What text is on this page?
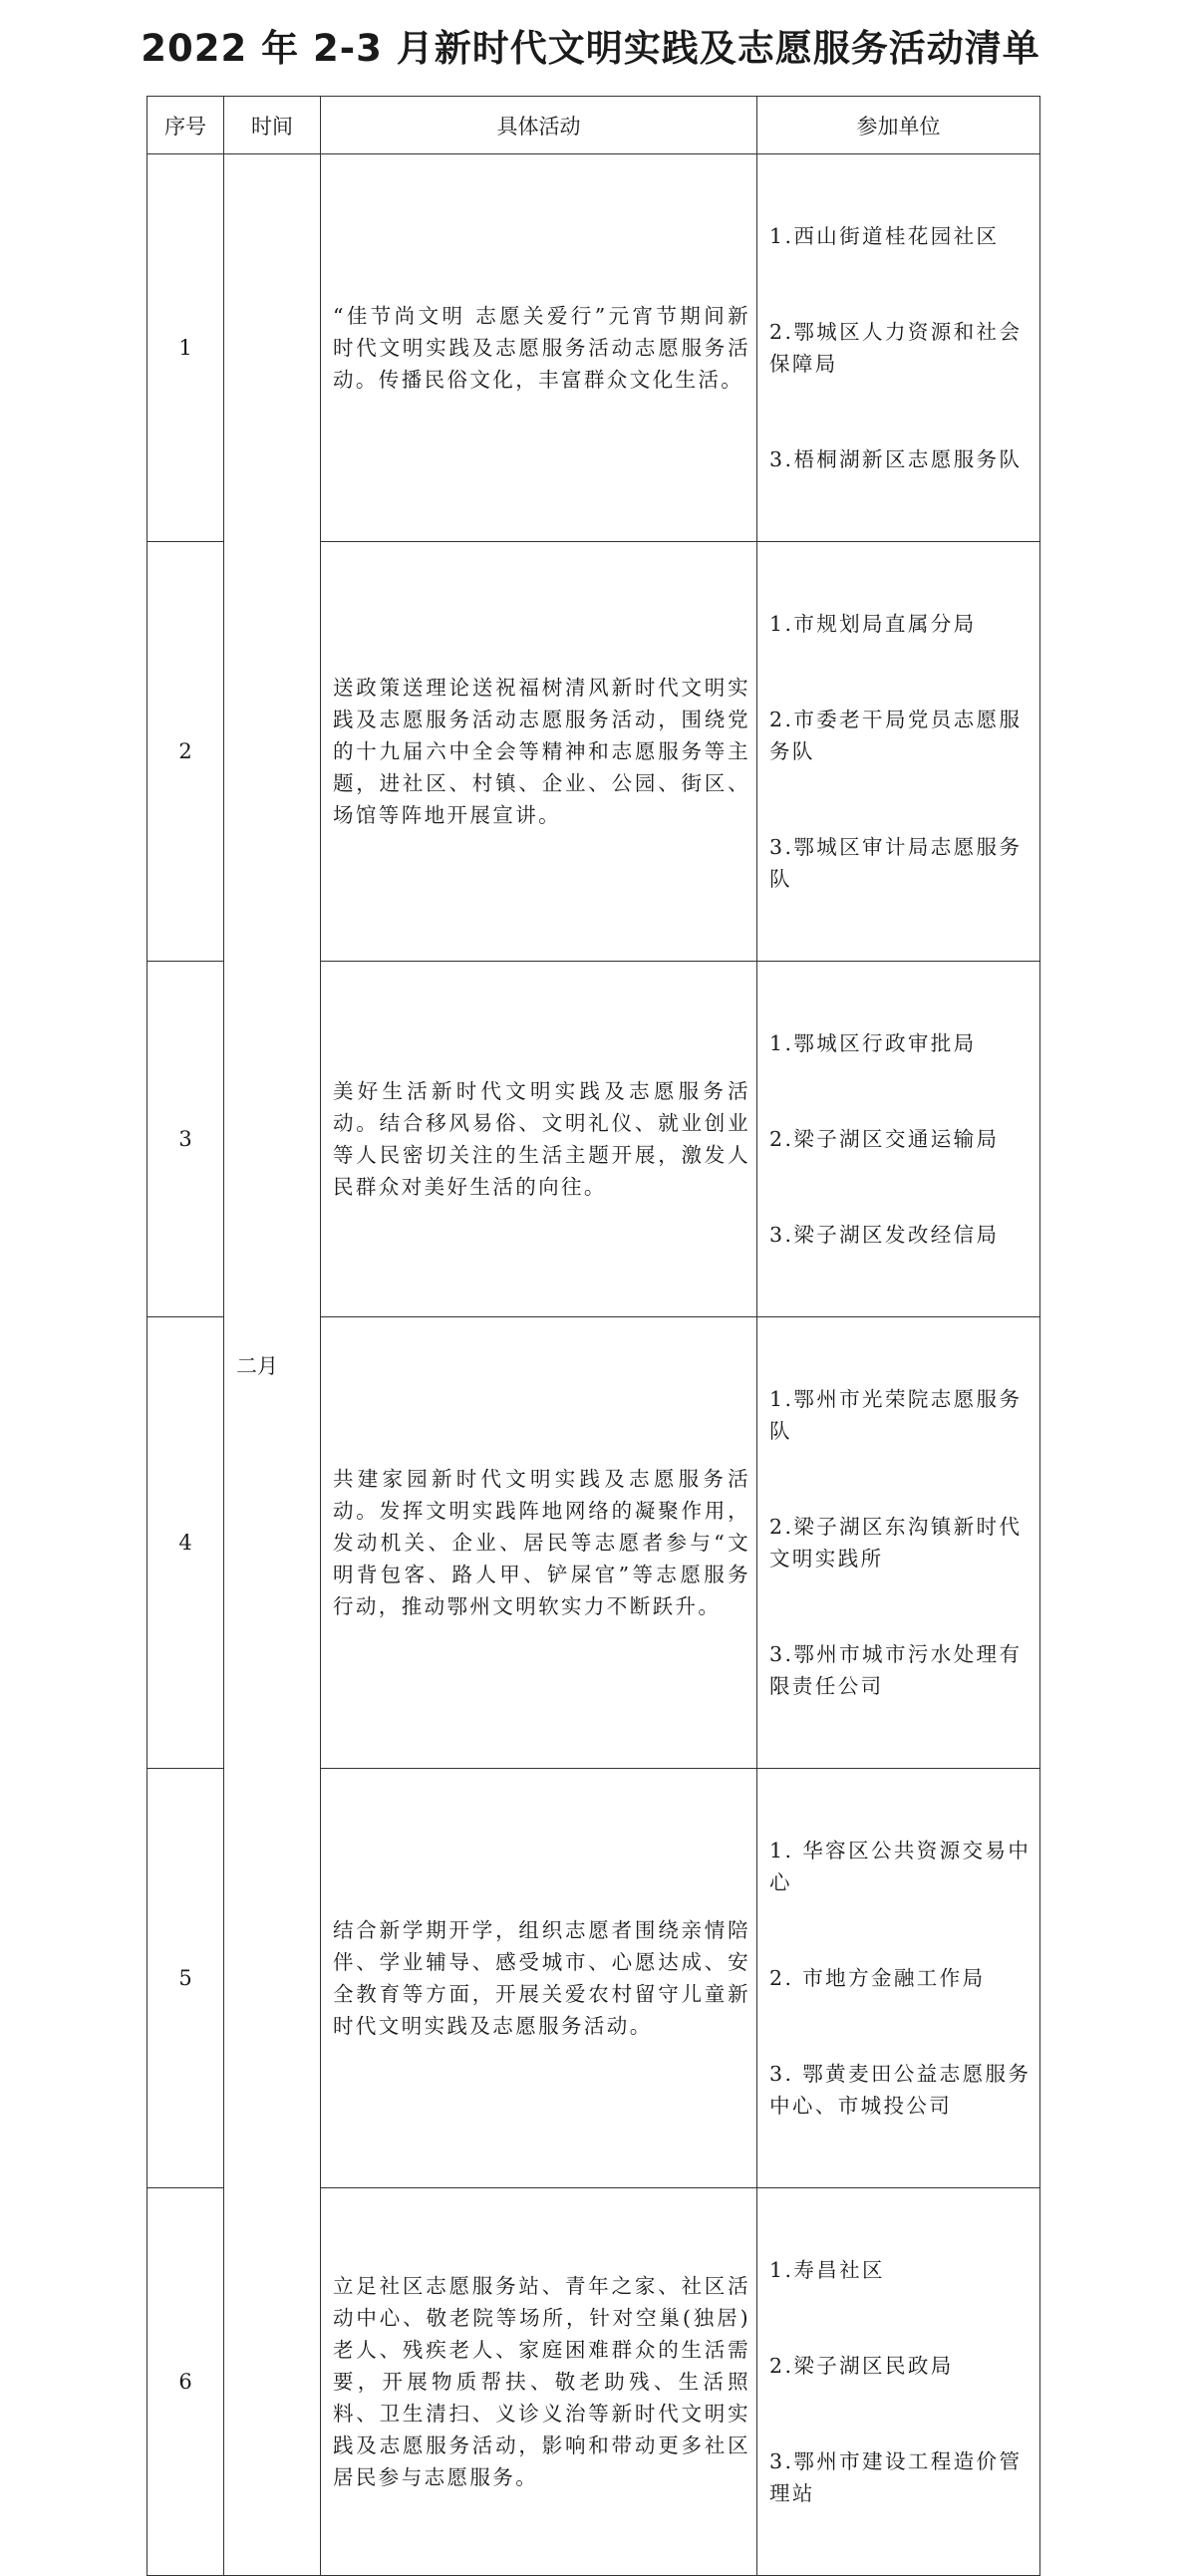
2022 年 2-3 月新时代文明实践及志愿服务活动清单
序号	时间	具体活动	参加单位
1	二月	“佳节尚文明 志愿关爱行”元宵节期间新时代文明实践及志愿服务活动志愿服务活动。传播民俗文化，丰富群众文化生活。	1.西山街道桂花园社区

2.鄂城区人力资源和社会保障局

3.梧桐湖新区志愿服务队

2		送政策送理论送祝福树清风新时代文明实践及志愿服务活动志愿服务活动，围绕党的十九届六中全会等精神和志愿服务等主题，进社区、村镇、企业、公园、街区、场馆等阵地开展宣讲。	1.市规划局直属分局

2.市委老干局党员志愿服务队

3.鄂城区审计局志愿服务队

3		美好生活新时代文明实践及志愿服务活动。结合移风易俗、文明礼仪、就业创业等人民密切关注的生活主题开展，激发人民群众对美好生活的向往。	1.鄂城区行政审批局

2.梁子湖区交通运输局

3.梁子湖区发改经信局

4		共建家园新时代文明实践及志愿服务活动。发挥文明实践阵地网络的凝聚作用，发动机关、企业、居民等志愿者参与“文明背包客、路人甲、铲屎官”等志愿服务行动，推动鄂州文明软实力不断跃升。	1.鄂州市光荣院志愿服务队

2.梁子湖区东沟镇新时代文明实践所

3.鄂州市城市污水处理有限责任公司

5		结合新学期开学，组织志愿者围绕亲情陪伴、学业辅导、感受城市、心愿达成、安全教育等方面，开展关爱农村留守儿童新时代文明实践及志愿服务活动。	1. 华容区公共资源交易中心

2. 市地方金融工作局

3. 鄂黄麦田公益志愿服务中心、市城投公司

6		立足社区志愿服务站、青年之家、社区活动中心、敬老院等场所，针对空巢(独居)老人、残疾老人、家庭困难群众的生活需要，开展物质帮扶、敬老助残、生活照料、卫生清扫、义诊义治等新时代文明实践及志愿服务活动，影响和带动更多社区居民参与志愿服务。	1.寿昌社区

2.梁子湖区民政局

3.鄂州市建设工程造价管理站
